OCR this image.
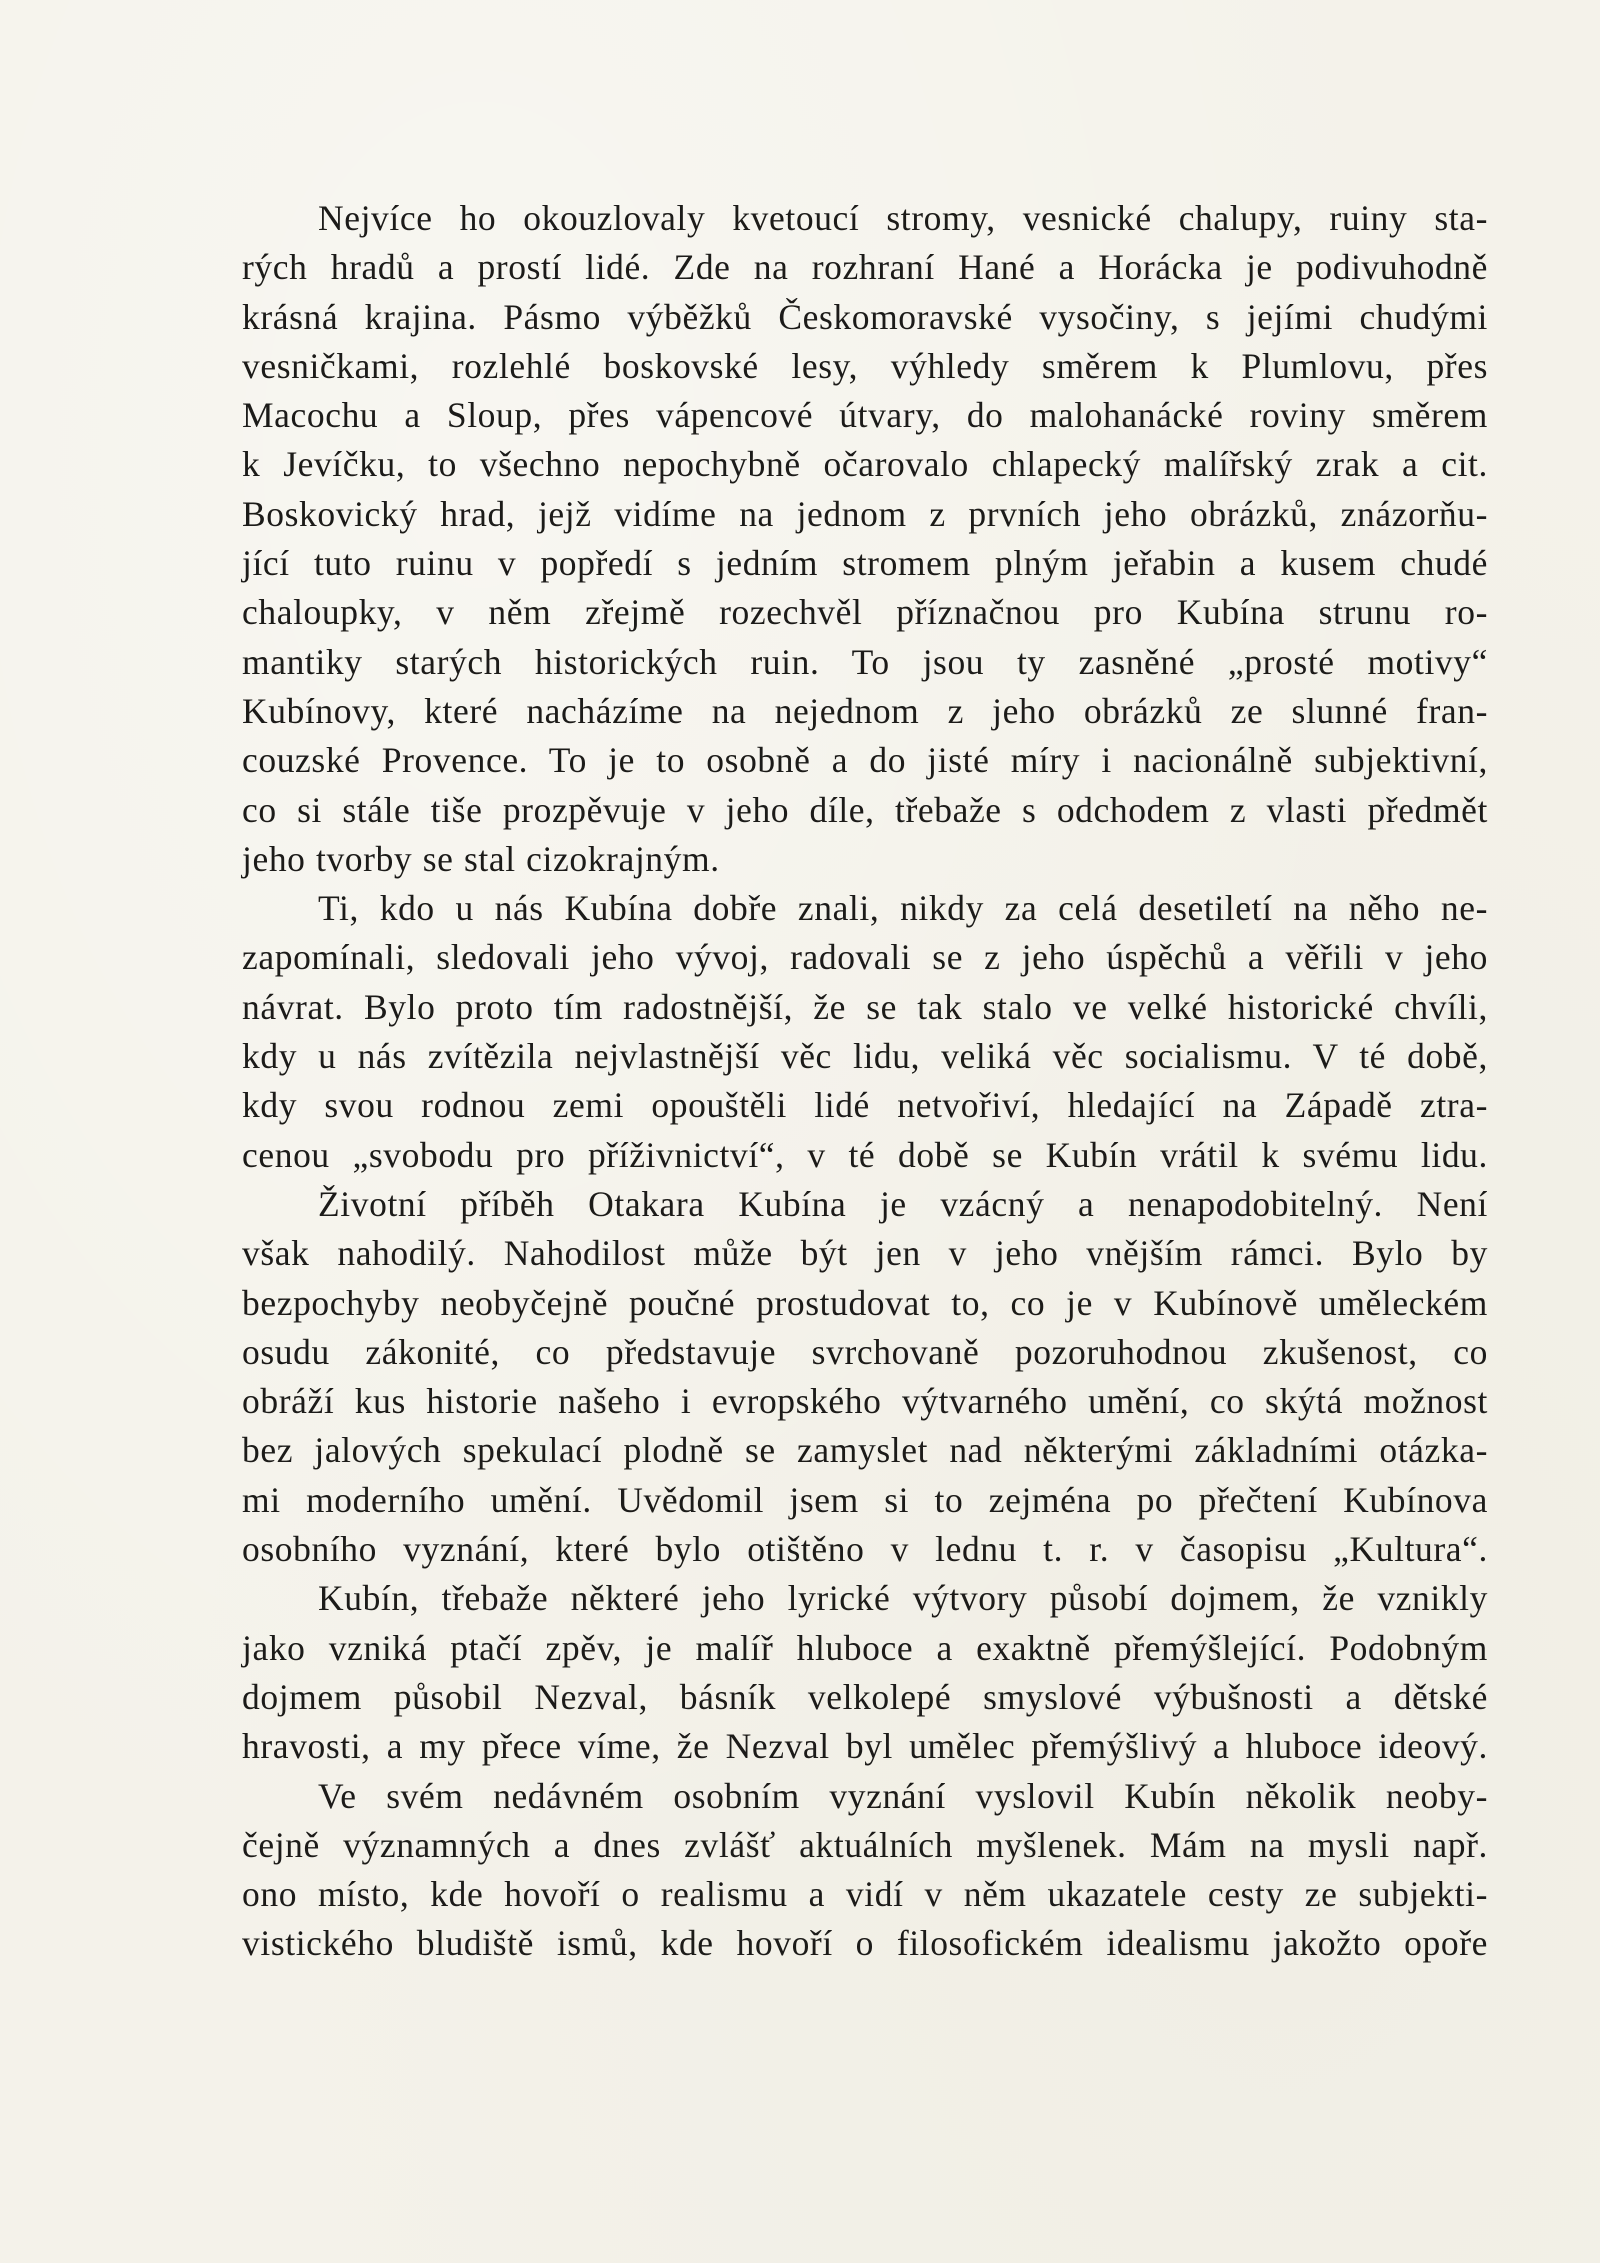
Nejvíce ho okouzlovaly kvetoucí stromy, vesnické chalupy, ruiny sta-
rých hradů a prostí lidé. Zde na rozhraní Hané a Horácka je podivuhodně
krásná krajina. Pásmo výběžků Českomoravské vysočiny, s jejími chudými
vesničkami, rozlehlé boskovské lesy, výhledy směrem k Plumlovu, přes
Macochu a Sloup, přes vápencové útvary, do malohanácké roviny směrem
k Jevíčku, to všechno nepochybně očarovalo chlapecký malířský zrak a cit.
Boskovický hrad, jejž vidíme na jednom z prvních jeho obrázků, znázorňu-
jící tuto ruinu v popředí s jedním stromem plným jeřabin a kusem chudé
chaloupky, v něm zřejmě rozechvěl příznačnou pro Kubína strunu ro-
mantiky starých historických ruin. To jsou ty zasněné „prosté motivy“
Kubínovy, které nacházíme na nejednom z jeho obrázků ze slunné fran-
couzské Provence. To je to osobně a do jisté míry i nacionálně subjektivní,
co si stále tiše prozpěvuje v jeho díle, třebaže s odchodem z vlasti předmět
jeho tvorby se stal cizokrajným.
Ti, kdo u nás Kubína dobře znali, nikdy za celá desetiletí na něho ne-
zapomínali, sledovali jeho vývoj, radovali se z jeho úspěchů a věřili v jeho
návrat. Bylo proto tím radostnější, že se tak stalo ve velké historické chvíli,
kdy u nás zvítězila nejvlastnější věc lidu, veliká věc socialismu. V té době,
kdy svou rodnou zemi opouštěli lidé netvořiví, hledající na Západě ztra-
cenou „svobodu pro příživnictví“, v té době se Kubín vrátil k svému lidu.
Životní příběh Otakara Kubína je vzácný a nenapodobitelný. Není
však nahodilý. Nahodilost může být jen v jeho vnějším rámci. Bylo by
bezpochyby neobyčejně poučné prostudovat to, co je v Kubínově uměleckém
osudu zákonité, co představuje svrchovaně pozoruhodnou zkušenost, co
obráží kus historie našeho i evropského výtvarného umění, co skýtá možnost
bez jalových spekulací plodně se zamyslet nad některými základními otázka-
mi moderního umění. Uvědomil jsem si to zejména po přečtení Kubínova
osobního vyznání, které bylo otištěno v lednu t. r. v časopisu „Kultura“.
Kubín, třebaže některé jeho lyrické výtvory působí dojmem, že vznikly
jako vzniká ptačí zpěv, je malíř hluboce a exaktně přemýšlející. Podobným
dojmem působil Nezval, básník velkolepé smyslové výbušnosti a dětské
hravosti, a my přece víme, že Nezval byl umělec přemýšlivý a hluboce ideový.
Ve svém nedávném osobním vyznání vyslovil Kubín několik neoby-
čejně významných a dnes zvlášť aktuálních myšlenek. Mám na mysli např.
ono místo, kde hovoří o realismu a vidí v něm ukazatele cesty ze subjekti-
vistického bludiště ismů, kde hovoří o filosofickém idealismu jakožto opoře
